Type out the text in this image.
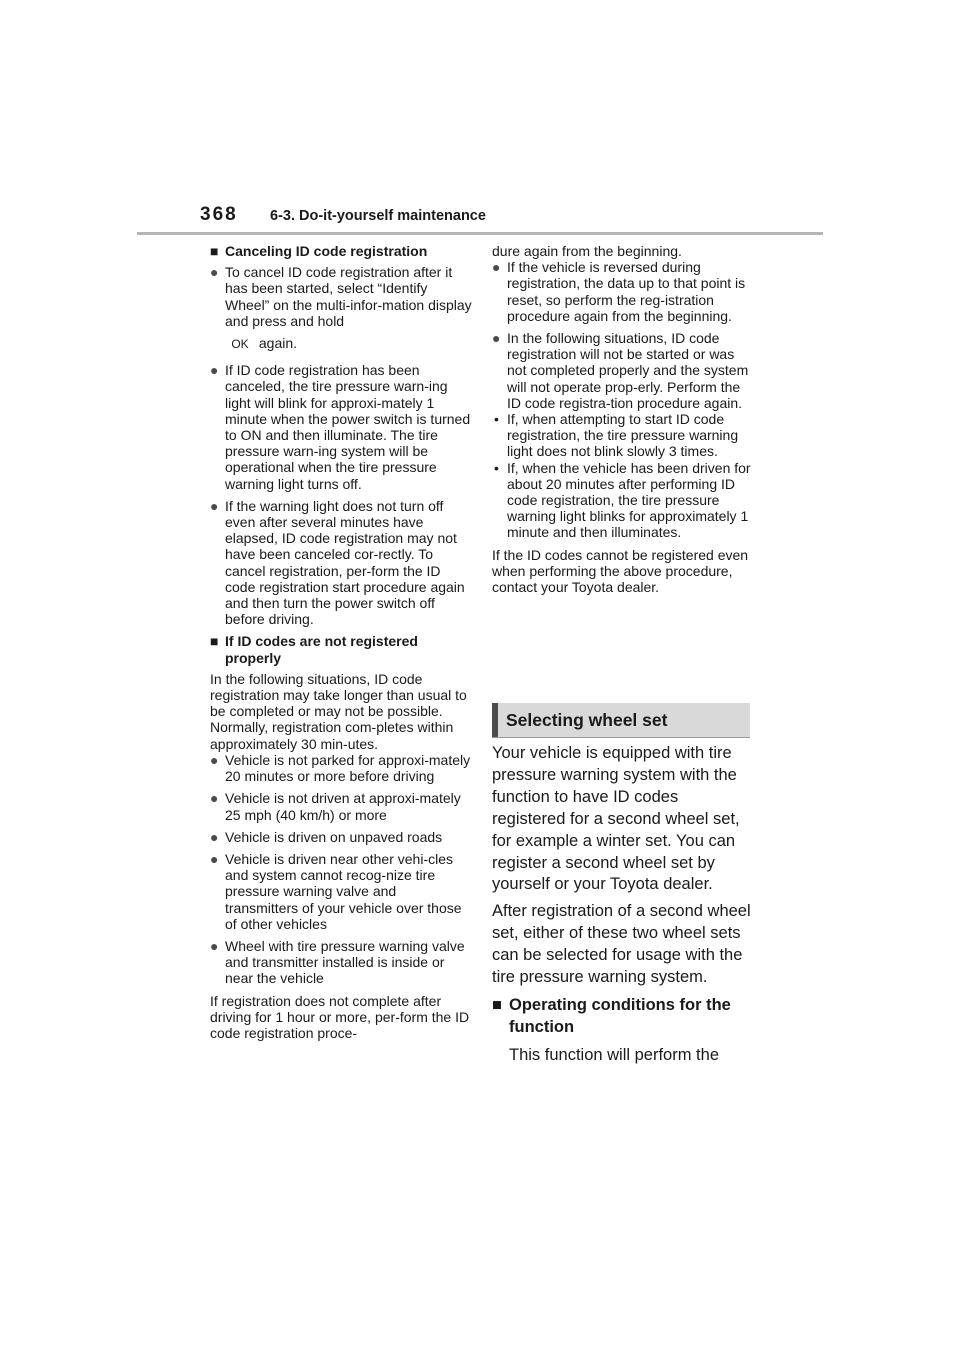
368 6-3. Do-it-yourself maintenance
■ Canceling ID code registration
● To cancel ID code registration after it has been started, select “Identify Wheel” on the multi-infor-mation display and press and hold
OK again.
● If ID code registration has been canceled, the tire pressure warn-ing light will blink for approxi-mately 1 minute when the power switch is turned to ON and then illuminate. The tire pressure warn-ing system will be operational when the tire pressure warning light turns off.
● If the warning light does not turn off even after several minutes have elapsed, ID code registration may not have been canceled cor-rectly. To cancel registration, per-form the ID code registration start procedure again and then turn the power switch off before driving.
■ If ID codes are not registered properly

In the following situations, ID code registration may take longer than usual to be completed or may not be possible. Normally, registration com-pletes within approximately 30 min-utes.

● Vehicle is not parked for approxi-mately 20 minutes or more before driving
● Vehicle is not driven at approxi-mately 25 mph (40 km/h) or more
● Vehicle is driven on unpaved roads
● Vehicle is driven near other vehi-cles and system cannot recog-nize tire pressure warning valve and transmitters of your vehicle over those of other vehicles
● Wheel with tire pressure warning valve and transmitter installed is inside or near the vehicle

If registration does not complete after driving for 1 hour or more, per-form the ID code registration proce-

dure again from the beginning.

● If the vehicle is reversed during registration, the data up to that point is reset, so perform the reg-istration procedure again from the beginning.
● In the following situations, ID code registration will not be started or was not completed properly and the system will not operate prop-erly. Perform the ID code registra-tion procedure again.
• If, when attempting to start ID code registration, the tire pressure warning light does not blink slowly 3 times.
• If, when the vehicle has been driven for about 20 minutes after performing ID code registration, the tire pressure warning light blinks for approximately 1 minute and then illuminates.

If the ID codes cannot be registered even when performing the above procedure, contact your Toyota dealer.

Selecting wheel set

Your vehicle is equipped with tire pressure warning system with the function to have ID codes registered for a second wheel set, for example a winter set. You can register a second wheel set by yourself or your Toyota dealer.

After registration of a second wheel set, either of these two wheel sets can be selected for usage with the tire pressure warning system.

■ Operating conditions for the function
This function will perform the
